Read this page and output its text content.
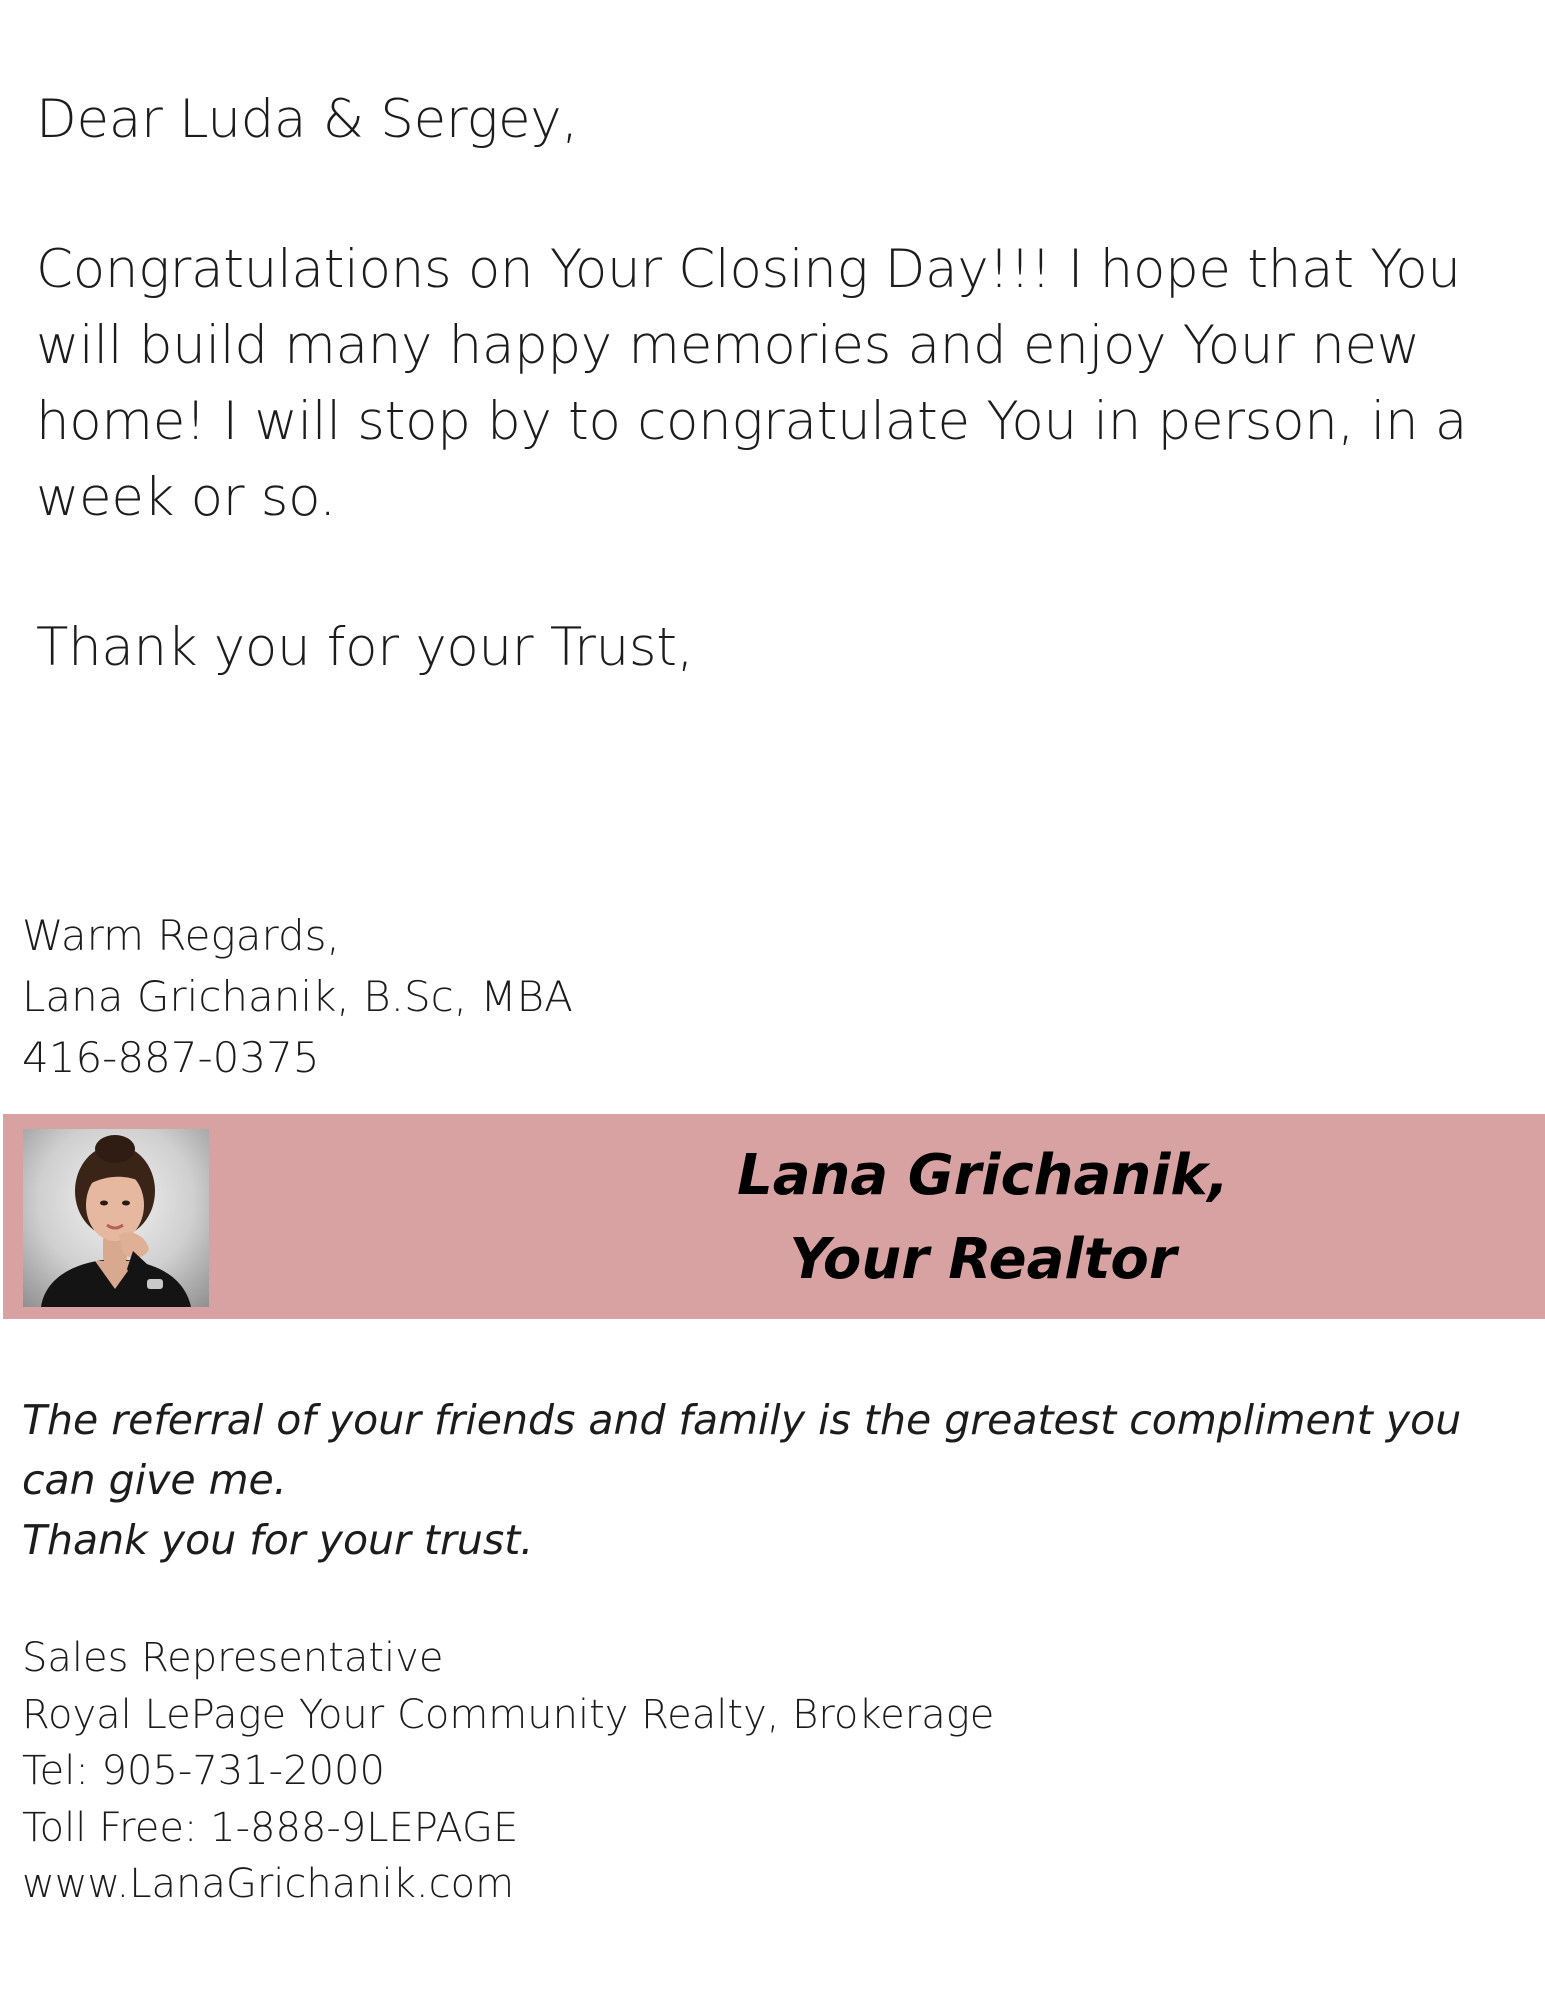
Dear Luda & Sergey,
Congratulations on Your Closing Day!!! I hope that You will build many happy memories and enjoy Your new home! I will stop by to congratulate You in person, in a week or so.
Thank you for your Trust,
Warm Regards,
Lana Grichanik, B.Sc, MBA
416-887-0375
Lana Grichanik,
Your Realtor
The referral of your friends and family is the greatest compliment you can give me.
Thank you for your trust.
Sales Representative
Royal LePage Your Community Realty, Brokerage
Tel: 905-731-2000
Toll Free: 1-888-9LEPAGE
www.LanaGrichanik.com
